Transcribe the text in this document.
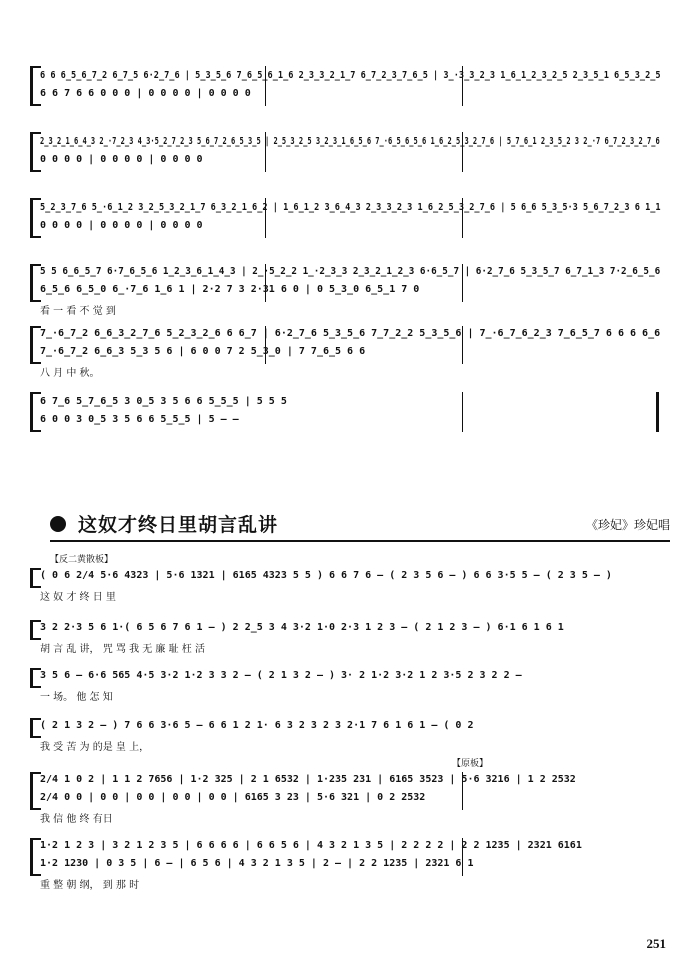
6 6 6̲5̲6̲7̲2 6̲7̲5 6·2̲7̲6 | 5̲3̲5̲6 7̲6̲5̲6̲1̲6 2̲3̲3̲2̲1̲7 6̲7̲2̲3̲7̲6̲5 | 3̲·3̲3̲2̲3 1̲6̲1̲2̲3̲2̲5 2̲3̲5̲1 6̲5̲3̲2̲5
6 6 7 6 6 0 0 0 | 0 0 0 0 | 0 0 0 0
2̲3̲2̲1̲6̲4̲3 2̲·7̲2̲3 4̲3·5̲2̲7̲2̲3 5̲6̲7̲2̲6̲5̲3̲5 | 2̲5̲3̲2̲5 3̲2̲3̲1̲6̲5̲6 7̲·6̲5̲6̲5̲6 1̲6̲2̲5̲3̲2̲7̲6 | 5̲7̲6̲1 2̲3̲5̲2 3 2̲·7 6̲7̲2̲3̲2̲7̲6
0 0 0 0 | 0 0 0 0 | 0 0 0 0
5̲2̲3̲7̲6 5̲·6̲1̲2 3̲2̲5̲3̲2̲1̲7 6̲3̲2̲1̲6̲2 | 1̲6̲1̲2 3̲6̲4̲3 2̲3̲3̲2̲3 1̲6̲2̲5̲3̲2̲7̲6 | 5 6̲6 5̲3̲5·3 5̲6̲7̲2̲3 6 1̲1
0 0 0 0 | 0 0 0 0 | 0 0 0 0
5 5 6̲6̲5̲7 6·7̲6̲5̲6 1̲2̲3̲6̲1̲4̲3 | 2̲·5̲2̲2 1̲·2̲3̲3 2̲3̲2̲1̲2̲3 6·6̲5̲7 | 6·2̲7̲6 5̲3̲5̲7 6̲7̲1̲3 7·2̲6̲5̲6
6̲5̲6 6̲5̲0 6̲·7̲6 1̲6 1 | 2·2 7 3 2·31 6 0 | 0 5̲3̲0 6̲5̲1 7 0
看 一 看 不 觉 到
7̲·6̲7̲2 6̲6̲3̲2̲7̲6 5̲2̲3̲2̲6 6 6̲7 | 6·2̲7̲6 5̲3̲5̲6 7̲7̲2̲2 5̲3̲5̲6 | 7̲·6̲7̲6̲2̲3 7̲6̲5̲7 6 6 6 6̲6
7̲·6̲7̲2 6̲6̲3 5̲3 5 6 | 6 0 0 7 2 5̲3̲0 | 7 7̲6̲5 6 6
八 月 中 秋。
6 7̲6 5̲7̲6̲5 3 0̲5 3 5 6 6 5̲5̲5 | 5 5 5
6 0 0 3 0̲5 3 5 6 6 5̲5̲5 | 5 — —
这奴才终日里胡言乱讲	《珍妃》珍妃唱
【反二黄散板】
( 0 6 2/4 5·6 4323 | 5·6 1321 | 6165 4323 5 5 ) 6 6 7 6 — ( 2 3 5 6 — ) 6 6 3·5 5 — ( 2 3 5 — )
这 奴 才 终 日 里
3 2 2·3 5 6 1·( 6 5 6 7 6 1 — ) 2 2̲5 3 4 3·2 1·0 2·3 1 2 3 — ( 2 1 2 3 — ) 6·1 6 1 6 1
胡 言 乱 讲， 咒 骂 我 无 廉 耻 枉 活
3 5 6 — 6·6 565 4·5 3·2 1·2 3 3 2 — ( 2 1 3 2 — ) 3· 2 1·2 3·2 1 2 3·5 2 3 2 2 —
一 场。 他 怎 知
( 2 1 3 2 — ) 7 6 6 3·6 5 — 6 6 1 2 1· 6 3 2 3 2 3 2·1 7 6 1 6 1 — ( 0 2
我 受 苦 为 的是 皇 上，
【原板】
2/4 1 0 2 | 1 1 2 7656 | 1·2 325 | 2 1 6532 | 1·235 231 | 6165 3523 | 5·6 3216 | 1 2 2532
2/4 0 0 | 0 0 | 0 0 | 0 0 | 0 0 | 6165 3 23 | 5·6 321 | 0 2 2532
我 信 他 终 有日
1·2 1 2 3 | 3 2 1 2 3 5 | 6 6 6 6 | 6 6 5 6 | 4 3 2 1 3 5 | 2 2 2 2 | 2 2 1235 | 2321 6161
1·2 1230 | 0 3 5 | 6 — | 6 5 6 | 4 3 2 1 3 5 | 2 — | 2 2 1235 | 2321 6 1
重 整 朝 纲， 到 那 时
251
